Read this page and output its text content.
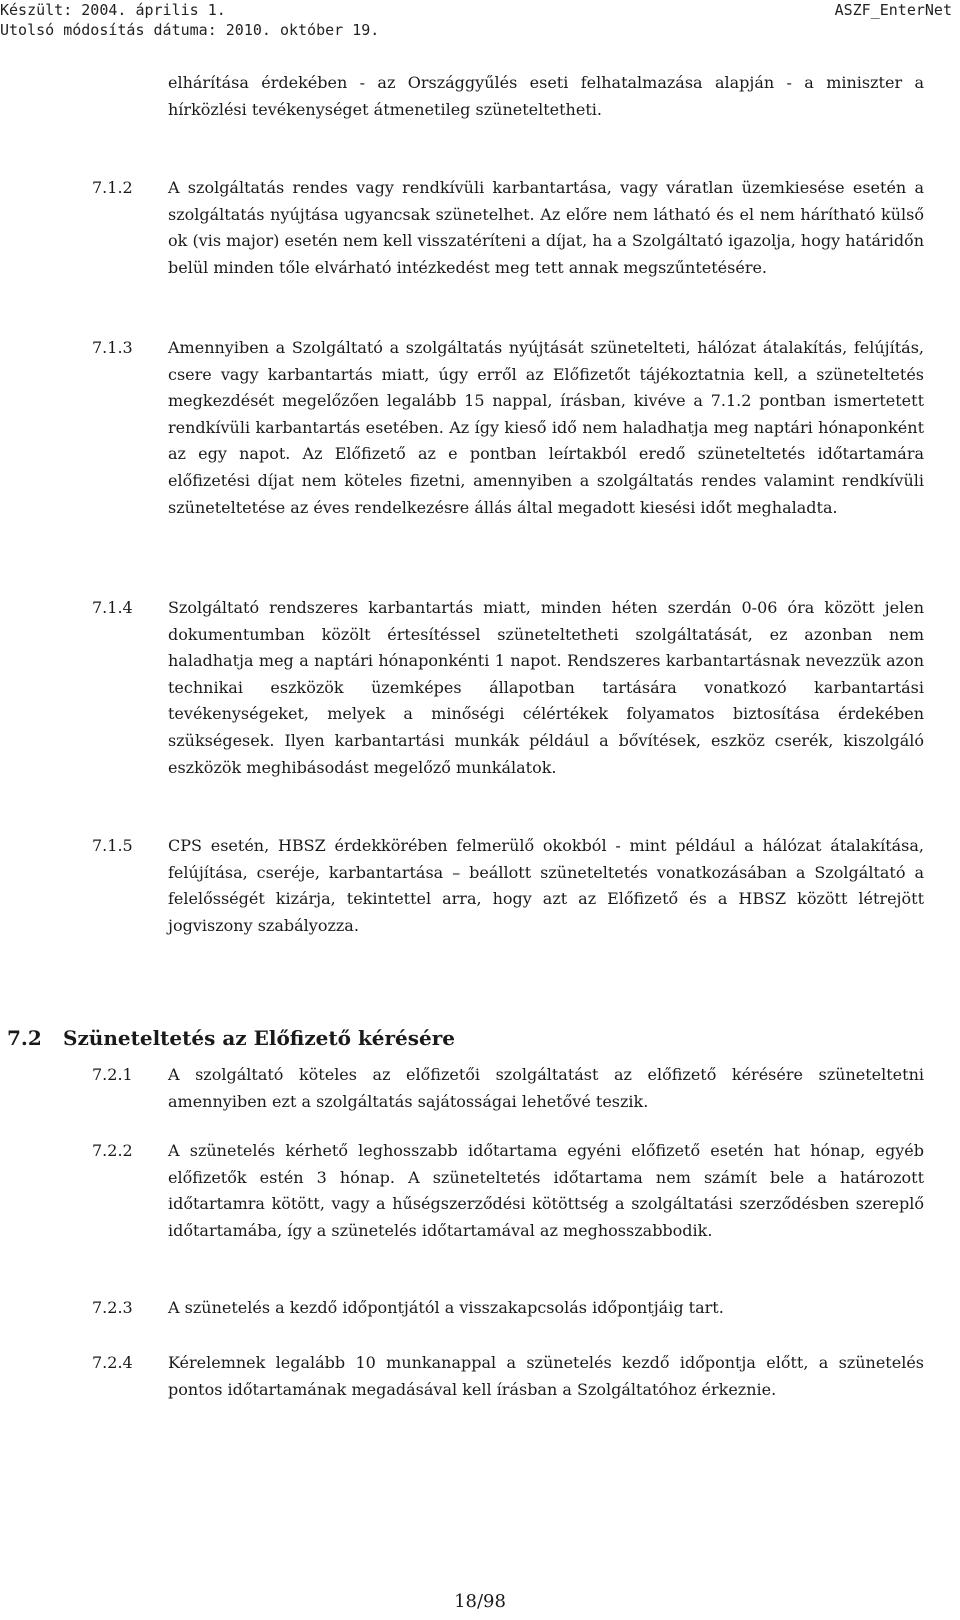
Készült: 2004. április 1.	ASZF_EnterNet
Utolsó módosítás dátuma: 2010. október 19.

elhárítása érdekében - az Országgyűlés eseti felhatalmazása alapján - a miniszter a hírközlési tevékenységet átmenetileg szüneteltetheti.

7.1.2 A szolgáltatás rendes vagy rendkívüli karbantartása, vagy váratlan üzemkiesése esetén a szolgáltatás nyújtása ugyancsak szünetelhet. Az előre nem látható és el nem hárítható külső ok (vis major) esetén nem kell visszatéríteni a díjat, ha a Szolgáltató igazolja, hogy határidőn belül minden tőle elvárható intézkedést meg tett annak megszűntetésére.

7.1.3 Amennyiben a Szolgáltató a szolgáltatás nyújtását szünetelteti, hálózat átalakítás, felújítás, csere vagy karbantartás miatt, úgy erről az Előfizetőt tájékoztatnia kell, a szüneteltetés megkezdését megelőzően legalább 15 nappal, írásban, kivéve a 7.1.2 pontban ismertetett rendkívüli karbantartás esetében. Az így kieső idő nem haladhatja meg naptári hónaponként az egy napot. Az Előfizető az e pontban leírtakból eredő szüneteltetés időtartamára előfizetési díjat nem köteles fizetni, amennyiben a szolgáltatás rendes valamint rendkívüli szüneteltetése az éves rendelkezésre állás által megadott kiesési időt meghaladta.

7.1.4 Szolgáltató rendszeres karbantartás miatt, minden héten szerdán 0-06 óra között jelen dokumentumban közölt értesítéssel szüneteltetheti szolgáltatását, ez azonban nem haladhatja meg a naptári hónaponkénti 1 napot. Rendszeres karbantartásnak nevezzük azon technikai eszközök üzemképes állapotban tartására vonatkozó karbantartási tevékenységeket, melyek a minőségi célértékek folyamatos biztosítása érdekében szükségesek. Ilyen karbantartási munkák például a bővítések, eszköz cserék, kiszolgáló eszközök meghibásodást megelőző munkálatok.

7.1.5 CPS esetén, HBSZ érdekkörében felmerülő okokból - mint például a hálózat átalakítása, felújítása, cseréje, karbantartása – beállott szüneteltetés vonatkozásában a Szolgáltató a felelősségét kizárja, tekintettel arra, hogy azt az Előfizető és a HBSZ között létrejött jogviszony szabályozza.

7.2 Szüneteltetés az Előfizető kérésére
7.2.1 A szolgáltató köteles az előfizetői szolgáltatást az előfizető kérésére szüneteltetni amennyiben ezt a szolgáltatás sajátosságai lehetővé teszik.

7.2.2 A szünetelés kérhető leghosszabb időtartama egyéni előfizető esetén hat hónap, egyéb előfizetők estén 3 hónap. A szüneteltetés időtartama nem számít bele a határozott időtartamra kötött, vagy a hűségszerződési kötöttség a szolgáltatási szerződésben szereplő időtartamába, így a szünetelés időtartamával az meghosszabbodik.

7.2.3 A szünetelés a kezdő időpontjától a visszakapcsolás időpontjáig tart.

7.2.4 Kérelemnek legalább 10 munkanappal a szünetelés kezdő időpontja előtt, a szünetelés pontos időtartamának megadásával kell írásban a Szolgáltatóhoz érkeznie.

18/98
